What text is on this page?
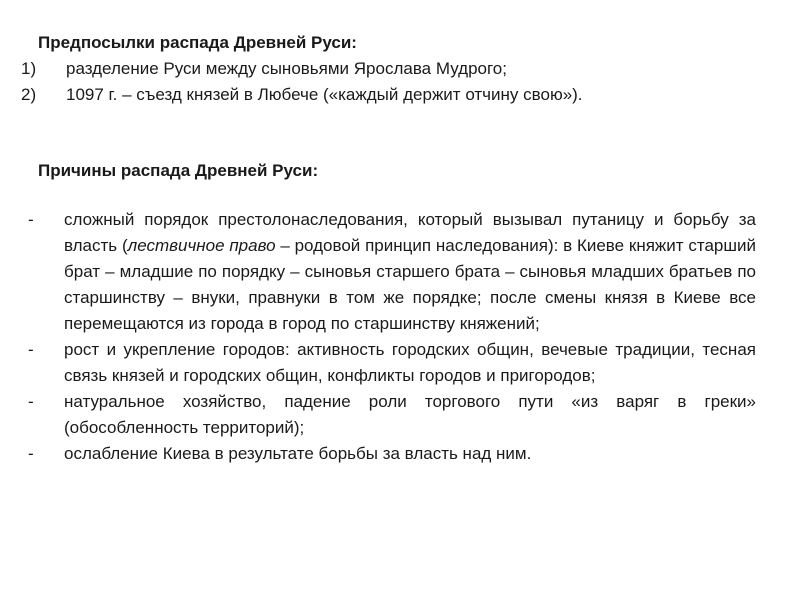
Предпосылки распада Древней Руси:
1) разделение Руси между сыновьями Ярослава Мудрого;
2) 1097 г. – съезд князей в Любече («каждый держит отчину свою»).
Причины распада Древней Руси:
- сложный порядок престолонаследования, который вызывал путаницу и борьбу за власть (лествичное право – родовой принцип наследования): в Киеве княжит старший брат – младшие по порядку – сыновья старшего брата – сыновья младших братьев по старшинству – внуки, правнуки в том же порядке; после смены князя в Киеве все перемещаются из города в город по старшинству княжений;
- рост и укрепление городов: активность городских общин, вечевые традиции, тесная связь князей и городских общин, конфликты городов и пригородов;
- натуральное хозяйство, падение роли торгового пути «из варяг в греки» (обособленность территорий);
- ослабление Киева в результате борьбы за власть над ним.
